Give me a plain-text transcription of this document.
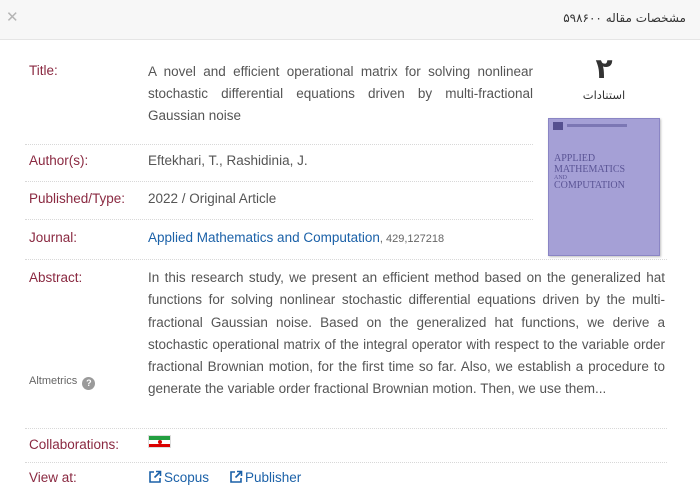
✕	مشخصات مقاله ۵۹۸۶۰۰
Title:	A novel and efficient operational matrix for solving nonlinear stochastic differential equations driven by multi-fractional Gaussian noise
Author(s):	Eftekhari, T., Rashidinia, J.
Published/Type: 2022 / Original Article
Journal:	Applied Mathematics and Computation, 429,127218
۲
استنادات
APPLIED
MATHEMATICS
AND
COMPUTATION
Abstract:	In this research study, we present an efficient method based on the generalized hat functions for solving nonlinear stochastic differential equations driven by the multi-fractional Gaussian noise. Based on the generalized hat functions, we derive a stochastic operational matrix of the integral operator with respect to the variable order fractional Brownian motion, for the first time so far. Also, we establish a procedure to generate the variable order fractional Brownian motion. Then, we use them...
Altmetrics ?
Collaborations:
View at:	Scopus	Publisher
